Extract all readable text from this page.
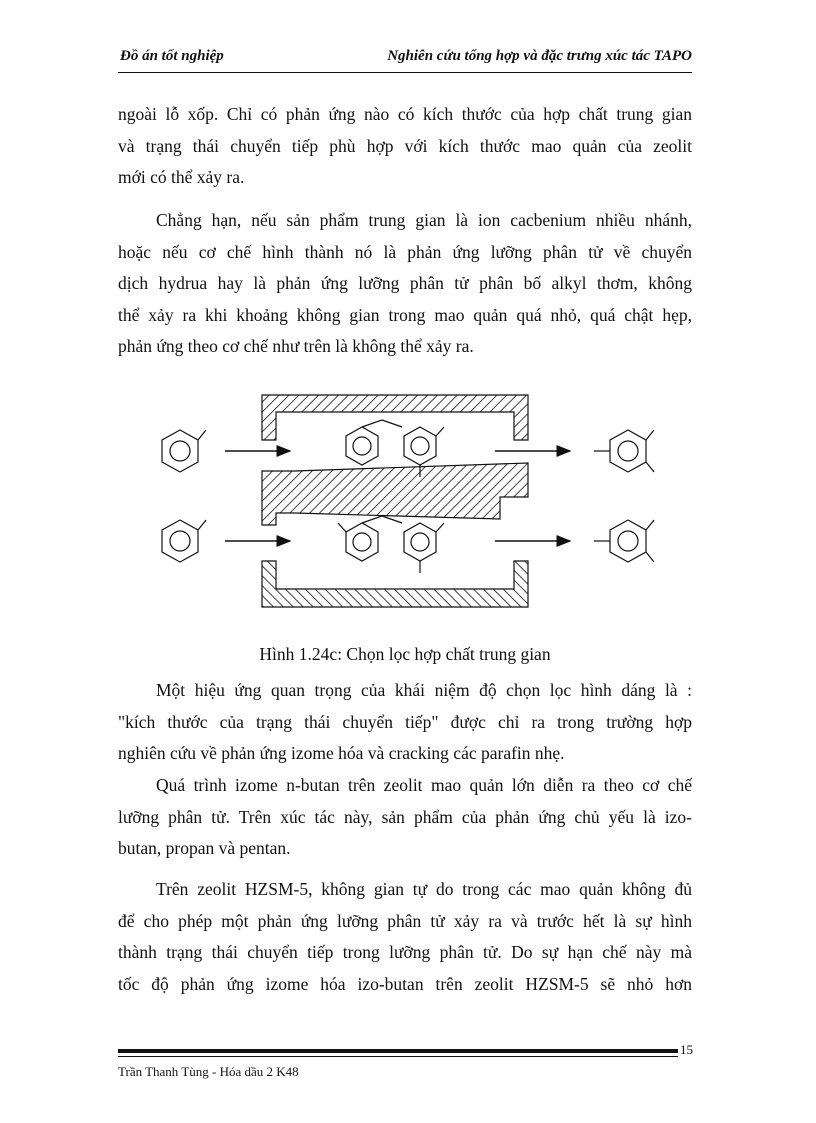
Đồ án tốt nghiệp	Nghiên cứu tổng hợp và đặc trưng xúc tác TAPO
ngoài lỗ xốp. Chỉ có phản ứng nào có kích thước của hợp chất trung gian
và trạng thái chuyển tiếp phù hợp với kích thước mao quản của zeolit
mới có thể xảy ra.
Chẳng hạn, nếu sản phẩm trung gian là ion cacbenium nhiều nhánh,
hoặc nếu cơ chế hình thành nó là phản ứng lưỡng phân tử về chuyển
dịch hydrua hay là phản ứng lưỡng phân tử phân bố alkyl thơm, không
thể xảy ra khi khoảng không gian trong mao quản quá nhỏ, quá chật hẹp,
phản ứng theo cơ chế như trên là không thể xảy ra.
Hình 1.24c: Chọn lọc hợp chất trung gian
Một hiệu ứng quan trọng của khái niệm độ chọn lọc hình dáng là :
"kích thước của trạng thái chuyển tiếp" được chỉ ra trong trường hợp
nghiên cứu về phản ứng izome hóa và cracking các parafin nhẹ.
Quá trình izome n-butan trên zeolit mao quản lớn diễn ra theo cơ chế
lưỡng phân tử. Trên xúc tác này, sản phẩm của phản ứng chủ yếu là izo-
butan, propan và pentan.
Trên zeolit HZSM-5, không gian tự do trong các mao quản không đủ
để cho phép một phản ứng lưỡng phân tử xảy ra và trước hết là sự hình
thành trạng thái chuyển tiếp trong lưỡng phân tử. Do sự hạn chế này mà
tốc độ phản ứng izome hóa izo-butan trên zeolit HZSM-5 sẽ nhỏ hơn
15
Trần Thanh Tùng - Hóa dầu 2 K48
